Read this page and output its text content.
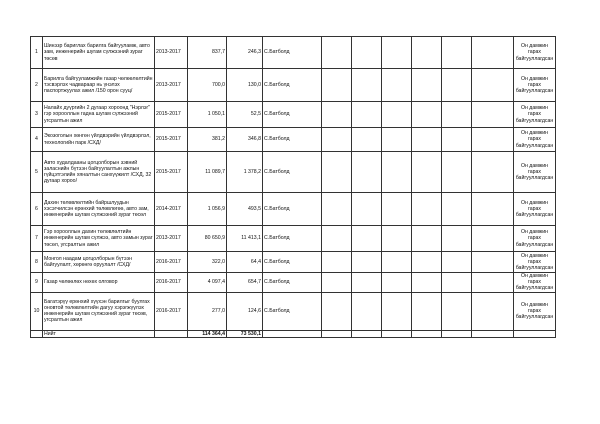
1	Шинэзр бариглах барилга байгууламж, авто зам, инженерийн шугам сүлжээний зураг төсөв	2013-2017	837,7	246,3	С.Батболд							Он дамжин гарах байгууллагдсан
2	Барилгa байгууламжийн газар чөлөөлөлтийн тэсвэрлэх чадвараар нь үнэлэх паспортжуулах ажил /150 орон сууц/	2013-2017	700,0	130,0	С.Батболд							Он дамжин гарах байгууллагдсан
3	Налайх дүүргийн 2 дугаар хороонд "Нэрлэг" гэр хорооллын гадна шугам сүлжээний угсралтын ажил	2015-2017	1 050,1	52,5	С.Батболд							Он дамжин гарах байгууллагдсан
4	Экозоголын хөнгөн үйлдвэрийн үйлдвэрлэл, технологийн парк /СХД/	2015-2017	381,2	346,8	С.Батболд							Он дамжин гарах байгууллагдсан
5	Авто худалдааны цогцолборын зэвний заласнийн бүтээн байгуулалтын ажлын гүйцэтгэлийн хяналтын санхүүжилт /СХД, 32 дугаар хороо/	2015-2017	11 089,7	1 378,2	С.Батболд							Он дамжин гарах байгууллагдсан
6	Дахин төлөвлөлтийн байршлуудын хэсэгчилсэн ерөнхий төлөвлөгөө, авто зам, инженерийн шугам сүлжээний зураг төсөл	2014-2017	1 056,9	493,5	С.Батболд							Он дамжин гарах байгууллагдсан
7	Гэр хорооллын дахин төлөвлөлтийн инженерийн шугам сүлжээ, авто замын зураг төсөл, угсралтын ажил	2013-2017	80 650,9	11 413,1	С.Батболд							Он дамжин гарах байгууллагдсан
8	Монгол наадам цогцолборын бүтээн байгуулалт, хөрөнгө оруулалт /СХД/	2016-2017	322,0	64,4	С.Батболд							Он дамжин гарах байгууллагдсан
9	Газар чөлөөлөх нөхөх олговор	2016-2017	4 097,4	654,7	С.Батболд							Он дамжин гарах байгууллагдсан
10	Багатэрүү ерөнхий хүүхэн барилгыг буулгах оновтой төлөвлөлтийн дагуу хэрэгжүүлэх инженерийн шугам сүлжээний зураг төсөв, угсралтын ажил	2016-2017	277,0	124,6	С.Батболд							Он дамжин гарах байгууллагдсан
	Нийт		114 364,4	73 530,1								
